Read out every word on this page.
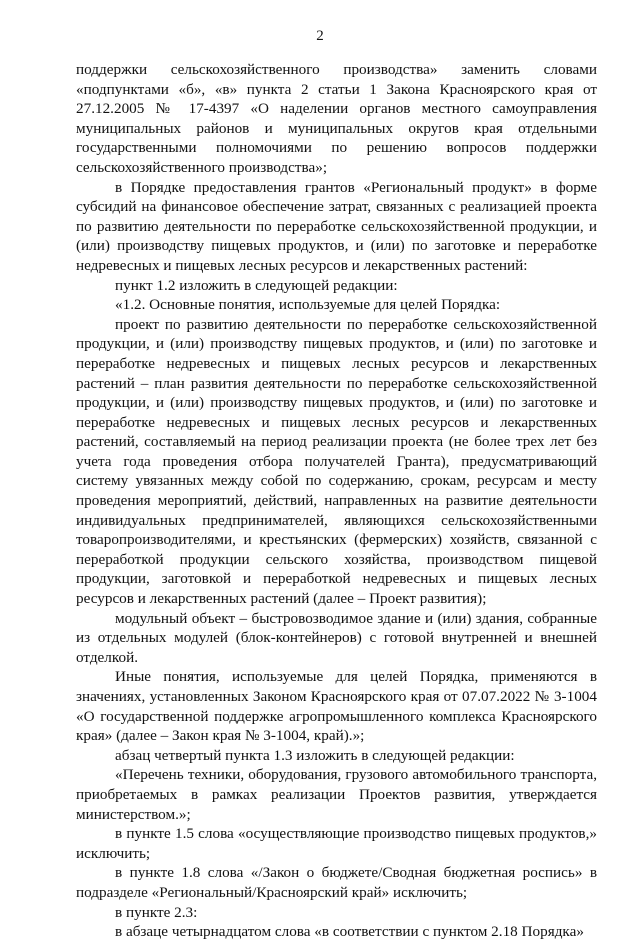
2

поддержки сельскохозяйственного производства» заменить словами «подпунктами «б», «в» пункта 2 статьи 1 Закона Красноярского края от 27.12.2005 № 17-4397 «О наделении органов местного самоуправления муниципальных районов и муниципальных округов края отдельными государственными полномочиями по решению вопросов поддержки сельскохозяйственного производства»;

в Порядке предоставления грантов «Региональный продукт» в форме субсидий на финансовое обеспечение затрат, связанных с реализацией проекта по развитию деятельности по переработке сельскохозяйственной продукции, и (или) производству пищевых продуктов, и (или) по заготовке и переработке недревесных и пищевых лесных ресурсов и лекарственных растений:

пункт 1.2 изложить в следующей редакции:

«1.2. Основные понятия, используемые для целей Порядка:

проект по развитию деятельности по переработке сельскохозяйственной продукции, и (или) производству пищевых продуктов, и (или) по заготовке и переработке недревесных и пищевых лесных ресурсов и лекарственных растений – план развития деятельности по переработке сельскохозяйственной продукции, и (или) производству пищевых продуктов, и (или) по заготовке и переработке недревесных и пищевых лесных ресурсов и лекарственных растений, составляемый на период реализации проекта (не более трех лет без учета года проведения отбора получателей Гранта), предусматривающий систему увязанных между собой по содержанию, срокам, ресурсам и месту проведения мероприятий, действий, направленных на развитие деятельности индивидуальных предпринимателей, являющихся сельскохозяйственными товаропроизводителями, и крестьянских (фермерских) хозяйств, связанной с переработкой продукции сельского хозяйства, производством пищевой продукции, заготовкой и переработкой недревесных и пищевых лесных ресурсов и лекарственных растений (далее – Проект развития);

модульный объект – быстровозводимое здание и (или) здания, собранные из отдельных модулей (блок-контейнеров) с готовой внутренней и внешней отделкой.

Иные понятия, используемые для целей Порядка, применяются в значениях, установленных Законом Красноярского края от 07.07.2022 № 3-1004 «О государственной поддержке агропромышленного комплекса Красноярского края» (далее – Закон края № 3-1004, край).»;

абзац четвертый пункта 1.3 изложить в следующей редакции:

«Перечень техники, оборудования, грузового автомобильного транспорта, приобретаемых в рамках реализации Проектов развития, утверждается министерством.»;

в пункте 1.5 слова «осуществляющие производство пищевых продуктов,» исключить;

в пункте 1.8 слова «/Закон о бюджете/Сводная бюджетная роспись» в подразделе «Региональный/Красноярский край» исключить;

в пункте 2.3:

в абзаце четырнадцатом слова «в соответствии с пунктом 2.18 Порядка»
